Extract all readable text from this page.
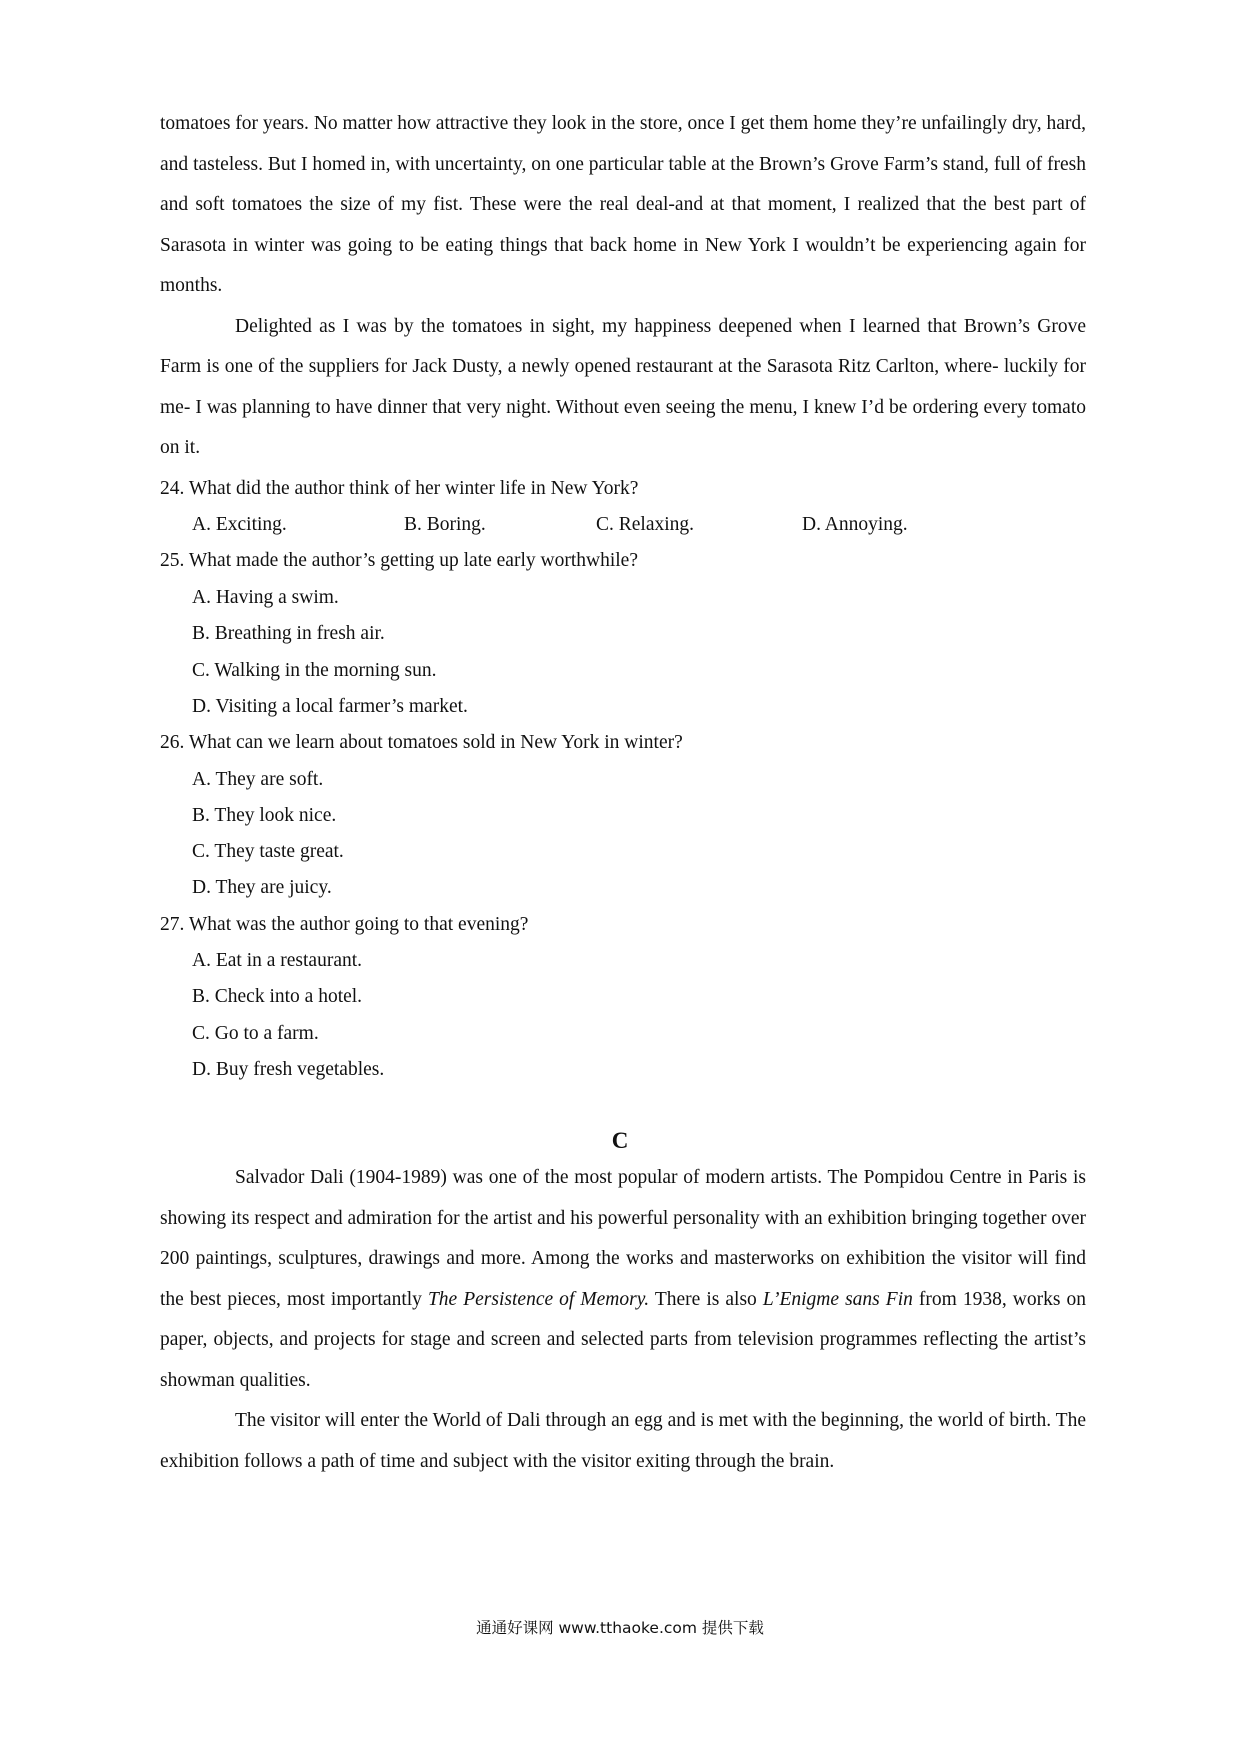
tomatoes for years. No matter how attractive they look in the store, once I get them home they’re unfailingly dry, hard, and tasteless. But I homed in, with uncertainty, on one particular table at the Brown’s Grove Farm’s stand, full of fresh and soft tomatoes the size of my fist. These were the real deal-and at that moment, I realized that the best part of Sarasota in winter was going to be eating things that back home in New York I wouldn’t be experiencing again for months.

Delighted as I was by the tomatoes in sight, my happiness deepened when I learned that Brown’s Grove Farm is one of the suppliers for Jack Dusty, a newly opened restaurant at the Sarasota Ritz Carlton, where- luckily for me- I was planning to have dinner that very night. Without even seeing the menu, I knew I’d be ordering every tomato on it.

24. What did the author think of her winter life in New York?

A. Exciting.	B. Boring.	C. Relaxing.	D. Annoying.

25. What made the author’s getting up late early worthwhile?

A. Having a swim.

B. Breathing in fresh air.

C. Walking in the morning sun.

D. Visiting a local farmer’s market.

26. What can we learn about tomatoes sold in New York in winter?

A. They are soft.

B. They look nice.

C. They taste great.

D. They are juicy.

27. What was the author going to that evening?

A. Eat in a restaurant.

B. Check into a hotel.

C. Go to a farm.

D. Buy fresh vegetables.

C

Salvador Dali (1904-1989) was one of the most popular of modern artists. The Pompidou Centre in Paris is showing its respect and admiration for the artist and his powerful personality with an exhibition bringing together over 200 paintings, sculptures, drawings and more. Among the works and masterworks on exhibition the visitor will find the best pieces, most importantly The Persistence of Memory. There is also L’Enigme sans Fin from 1938, works on paper, objects, and projects for stage and screen and selected parts from television programmes reflecting the artist’s showman qualities.

The visitor will enter the World of Dali through an egg and is met with the beginning, the world of birth. The exhibition follows a path of time and subject with the visitor exiting through the brain.

通通好课网 www.tthaoke.com 提供下载
